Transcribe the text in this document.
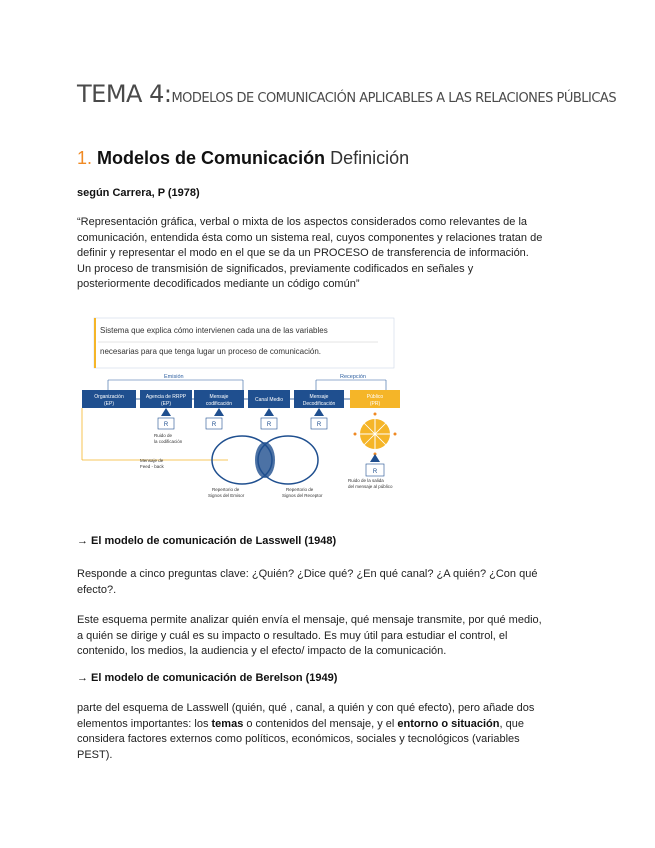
TEMA 4:MODELOS DE COMUNICACIÓN APLICABLES A LAS RELACIONES PÚBLICAS
1. Modelos de Comunicación Definición

según Carrera, P (1978)

“Representación gráfica, verbal o mixta de los aspectos considerados como relevantes de la
comunicación, entendida ésta como un sistema real, cuyos componentes y relaciones tratan de
definir y representar el modo en el que se da un PROCESO de transferencia de información.
Un proceso de transmisión de significados, previamente codificados en señales y
posteriormente decodificados mediante un código común”

Sistema que explica cómo intervienen cada una de las variables
necesarias para que tenga lugar un proceso de comunicación.
Emisión	Recepción
Organización
(EP)
Agencia de RRPP
(EP)
Mensaje
codificación
Canal Medio	Mensaje
Decodificación
Público
(PR)
Mensaje de
Feed - back
R
Ruido de
la codificación
R	R	R
Repertorio de
Signos del Emisor
Repertorio de
Signos del Receptor
R
Ruido de la salida
del mensaje al público

→ El modelo de comunicación de Lasswell (1948)

Responde a cinco preguntas clave: ¿Quién? ¿Dice qué? ¿En qué canal? ¿A quién? ¿Con qué
efecto?.

Este esquema permite analizar quién envía el mensaje, qué mensaje transmite, por qué medio,
a quién se dirige y cuál es su impacto o resultado. Es muy útil para estudiar el control, el
contenido, los medios, la audiencia y el efecto/ impacto de la comunicación.

→ El modelo de comunicación de Berelson (1949)

parte del esquema de Lasswell (quién, qué , canal, a quién y con qué efecto), pero añade dos
elementos importantes: los temas o contenidos del mensaje, y el entorno o situación, que
considera factores externos como políticos, económicos, sociales y tecnológicos (variables
PEST).
